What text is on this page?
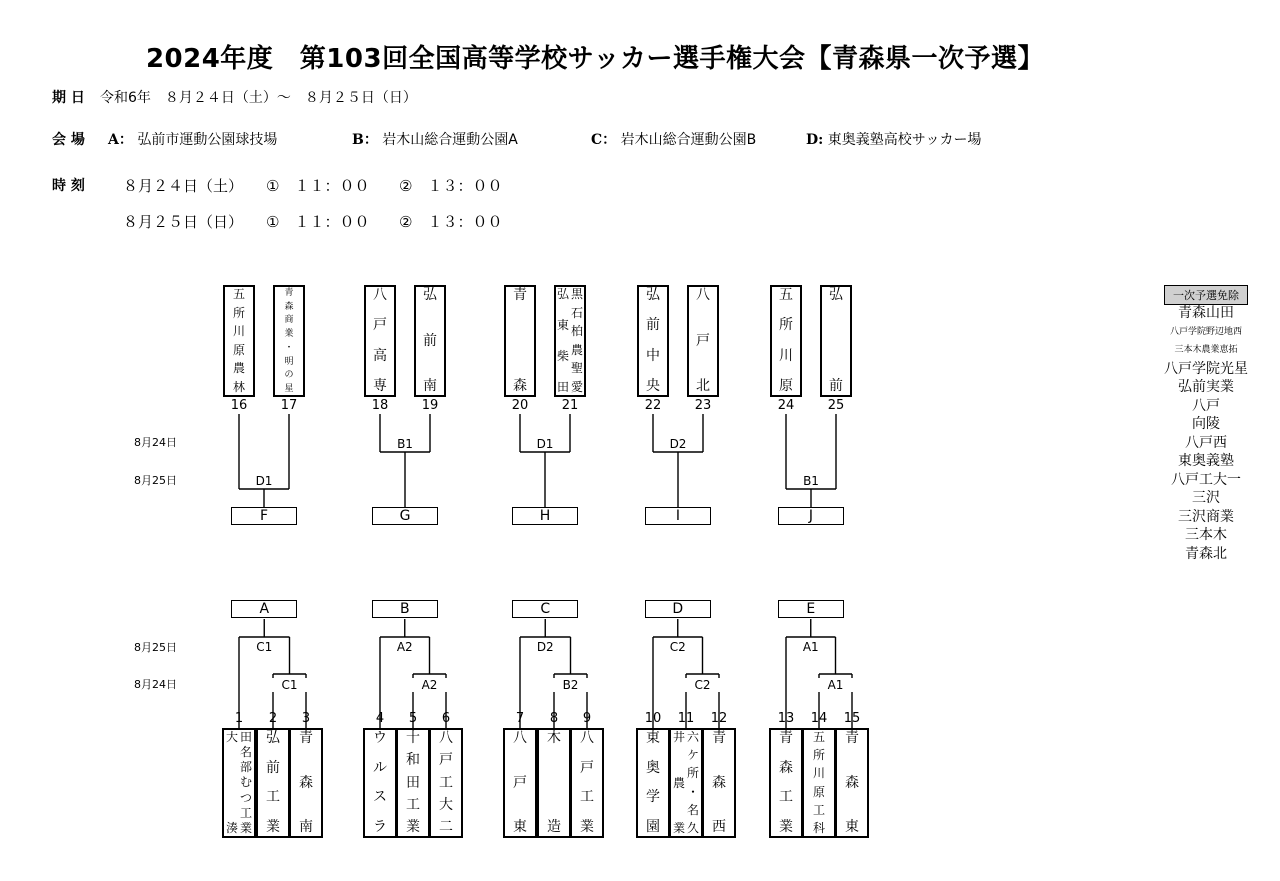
2024年度　第103回全国高等学校サッカー選手権大会【青森県一次予選】
期 日 令和6年　８月２４日（土）～　８月２５日（日）
会 場 A： 弘前市運動公園球技場	B： 岩木山総合運動公園A	C： 岩木山総合運動公園B	D: 東奥義塾高校サッカー場
時 刻	８月２４日（土） ①　１１：００ ②　１３：００
８月２５日（日） ①　１１：００ ②　１３：００
8月24日
8月25日
8月25日
8月24日
一次予選免除
青森山田
八戸学院野辺地西
三本木農業恵拓
八戸学院光星
弘前実業
八戸
向陵
八戸西
東奥義塾
八戸工大一
三沢
三沢商業
三本木
青森北
五
所
川
原
農
林
16
青
森
商
業
・
明
の
星
17
D1
F
八
戸
高
専
18
弘
前
南
19
B1
G
青
森
20
弘
東
柴
田
黒
石
柏
農
聖
愛
21
D1
H
弘
前
中
央
22
八
戸
北
23
D2
I
五
所
川
原
24
弘
前
25
B1
J
1
大
湊
田
名
部
む
つ
工
業
2
弘
前
工
業
3
青
森
南
C1
C1
A
4
ウ
ル
ス
ラ
5
十
和
田
工
業
6
八
戸
工
大
二
A2
A2
B
7
八
戸
東
8
木
造
9
八
戸
工
業
D2
B2
C
10
東
奥
学
園
11
井
農
業
六
ケ
所
・
名
久
12
青
森
西
C2
C2
D
13
青
森
工
業
14
五
所
川
原
工
科
15
青
森
東
A1
A1
E
